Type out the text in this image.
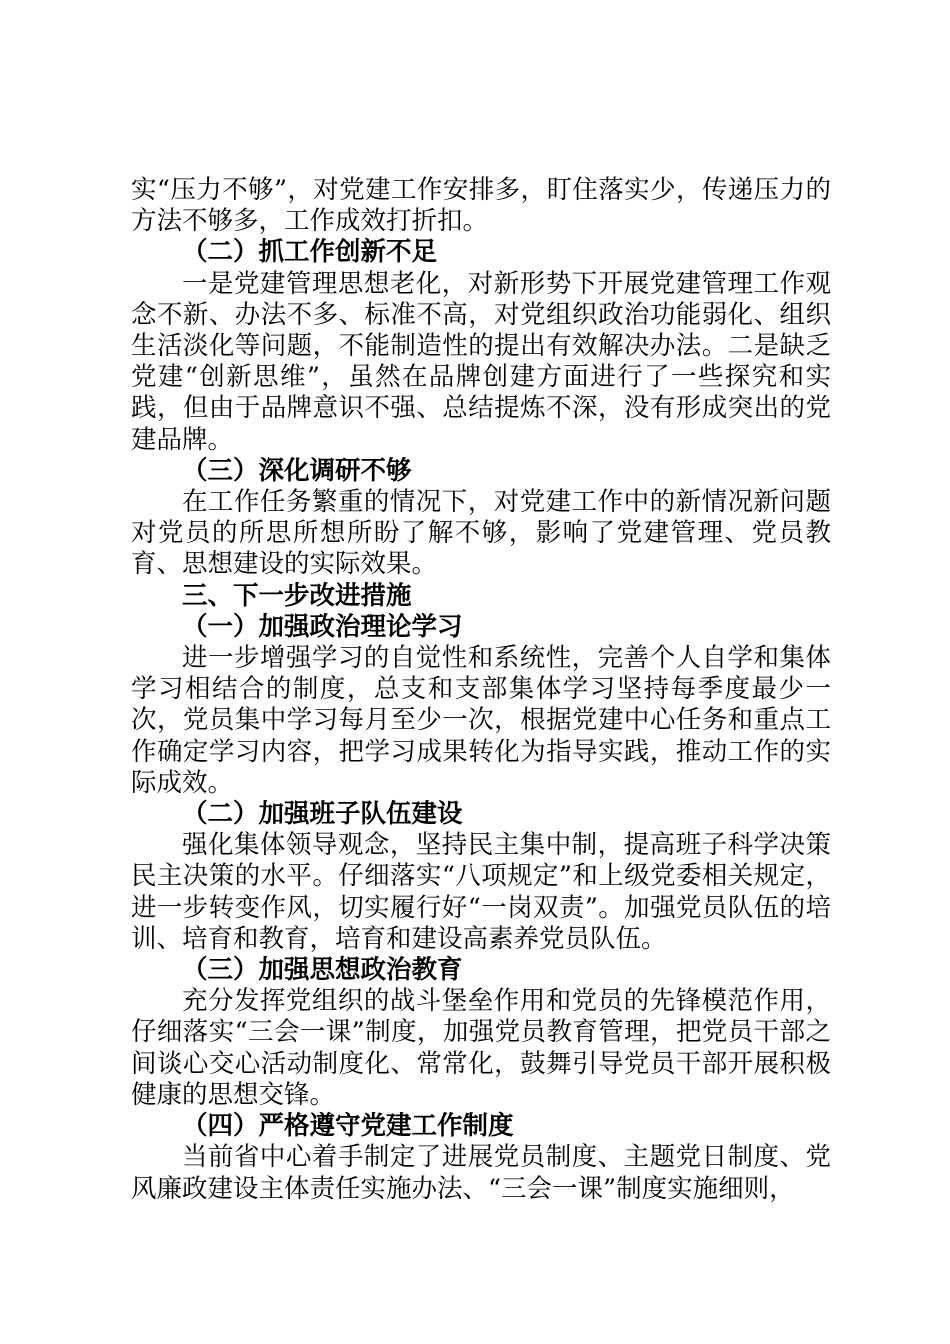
实“压力不够”，对党建工作安排多，盯住落实少，传递压力的方法不够多，工作成效打折扣。

（二）抓工作创新不足

一是党建管理思想老化，对新形势下开展党建管理工作观念不新、办法不多、标准不高，对党组织政治功能弱化、组织生活淡化等问题，不能制造性的提出有效解决办法。二是缺乏党建“创新思维”，虽然在品牌创建方面进行了一些探究和实践，但由于品牌意识不强、总结提炼不深，没有形成突出的党建品牌。

（三）深化调研不够

在工作任务繁重的情况下，对党建工作中的新情况新问题对党员的所思所想所盼了解不够，影响了党建管理、党员教育、思想建设的实际效果。

三、下一步改进措施

（一）加强政治理论学习

进一步增强学习的自觉性和系统性，完善个人自学和集体学习相结合的制度，总支和支部集体学习坚持每季度最少一次，党员集中学习每月至少一次，根据党建中心任务和重点工作确定学习内容，把学习成果转化为指导实践，推动工作的实际成效。

（二）加强班子队伍建设

强化集体领导观念，坚持民主集中制，提高班子科学决策民主决策的水平。仔细落实“八项规定”和上级党委相关规定，进一步转变作风，切实履行好“一岗双责”。加强党员队伍的培训、培育和教育，培育和建设高素养党员队伍。

（三）加强思想政治教育

充分发挥党组织的战斗堡垒作用和党员的先锋模范作用，仔细落实“三会一课”制度，加强党员教育管理，把党员干部之间谈心交心活动制度化、常常化，鼓舞引导党员干部开展积极健康的思想交锋。

（四）严格遵守党建工作制度

当前省中心着手制定了进展党员制度、主题党日制度、党风廉政建设主体责任实施办法、“三会一课”制度实施细则，
